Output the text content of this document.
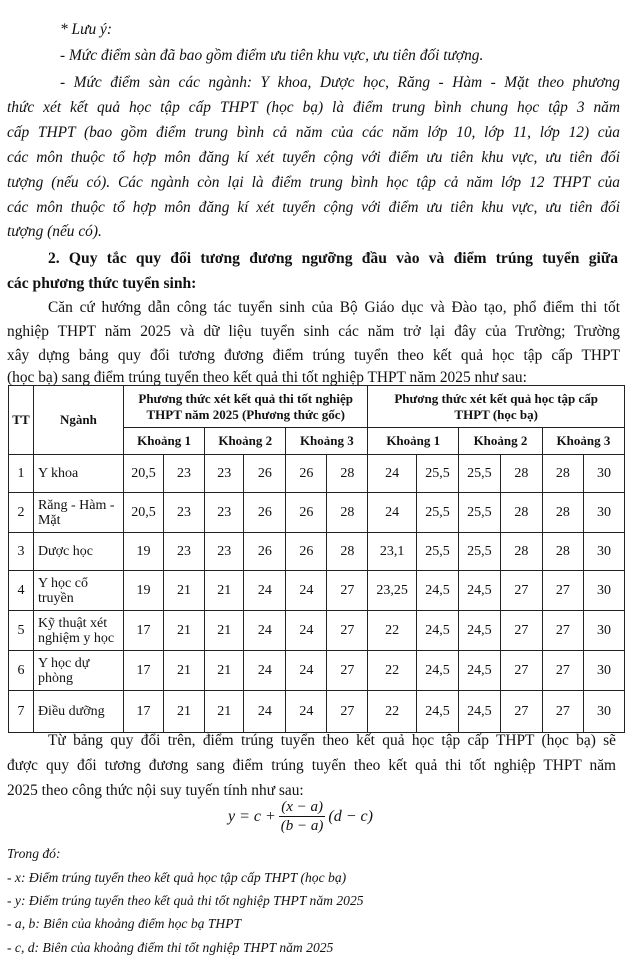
* Lưu ý:
- Mức điểm sàn đã bao gồm điểm ưu tiên khu vực, ưu tiên đối tượng.
- Mức điểm sàn các ngành: Y khoa, Dược học, Răng - Hàm - Mặt theo phương
thức xét kết quả học tập cấp THPT (học bạ) là điểm trung bình chung học tập 3 năm
cấp THPT (bao gồm điểm trung bình cả năm của các năm lớp 10, lớp 11, lớp 12) của
các môn thuộc tổ hợp môn đăng kí xét tuyển cộng với điểm ưu tiên khu vực, ưu tiên đối
tượng (nếu có). Các ngành còn lại là điểm trung bình học tập cả năm lớp 12 THPT của
các môn thuộc tổ hợp môn đăng kí xét tuyển cộng với điểm ưu tiên khu vực, ưu tiên đối
tượng (nếu có).
2. Quy tắc quy đổi tương đương ngưỡng đầu vào và điểm trúng tuyển giữa
các phương thức tuyển sinh:
Căn cứ hướng dẫn công tác tuyển sinh của Bộ Giáo dục và Đào tạo, phổ điểm thi tốt
nghiệp THPT năm 2025 và dữ liệu tuyển sinh các năm trở lại đây của Trường; Trường
xây dựng bảng quy đổi tương đương điểm trúng tuyển theo kết quả học tập cấp THPT
(học bạ) sang điểm trúng tuyển theo kết quả thi tốt nghiệp THPT năm 2025 như sau:
TT	Ngành	Phương thức xét kết quả thi tốt nghiệp THPT năm 2025 (Phương thức gốc)						Phương thức xét kết quả học tập cấp THPT (học bạ)					
		Khoảng 1		Khoảng 2		Khoảng 3		Khoảng 1		Khoảng 2		Khoảng 3	
1	Y khoa	20,5	23	23	26	26	28	24	25,5	25,5	28	28	30
2	Răng - Hàm - Mặt	20,5	23	23	26	26	28	24	25,5	25,5	28	28	30
3	Dược học	19	23	23	26	26	28	23,1	25,5	25,5	28	28	30
4	Y học cổ truyền	19	21	21	24	24	27	23,25	24,5	24,5	27	27	30
5	Kỹ thuật xét nghiệm y học	17	21	21	24	24	27	22	24,5	24,5	27	27	30
6	Y học dự phòng	17	21	21	24	24	27	22	24,5	24,5	27	27	30
7	Điều dưỡng	17	21	21	24	24	27	22	24,5	24,5	27	27	30
Từ bảng quy đổi trên, điểm trúng tuyển theo kết quả học tập cấp THPT (học bạ) sẽ
được quy đổi tương đương sang điểm trúng tuyển theo kết quả thi tốt nghiệp THPT năm
2025 theo công thức nội suy tuyến tính như sau:
$y = c + \frac{(x - a)}{(b - a)} (d - c)$
Trong đó:
- x: Điểm trúng tuyển theo kết quả học tập cấp THPT (học bạ)
- y: Điểm trúng tuyển theo kết quả thi tốt nghiệp THPT năm 2025
- a, b: Biên của khoảng điểm học bạ THPT
- c, d: Biên của khoảng điểm thi tốt nghiệp THPT năm 2025
